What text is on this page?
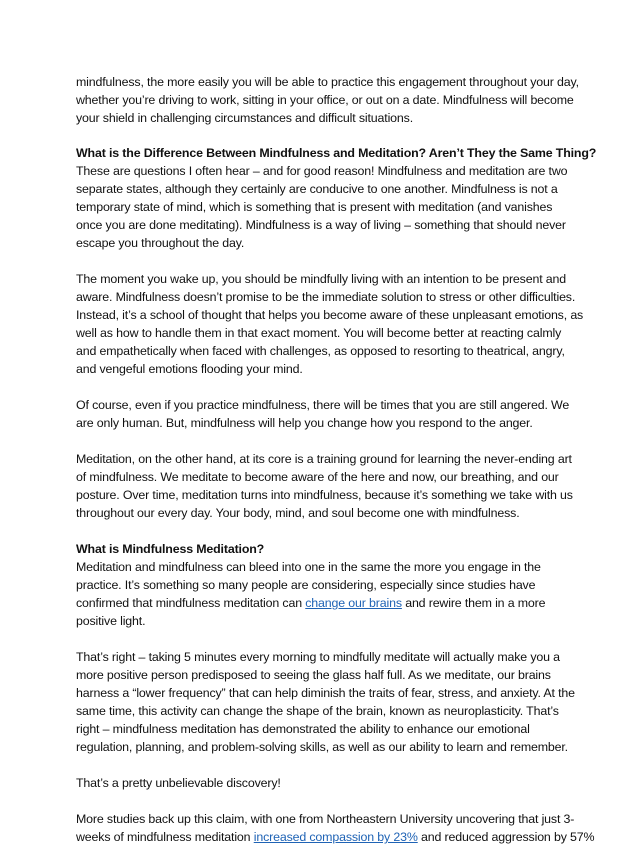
mindfulness, the more easily you will be able to practice this engagement throughout your day,
whether you’re driving to work, sitting in your office, or out on a date. Mindfulness will become
your shield in challenging circumstances and difficult situations.

What is the Difference Between Mindfulness and Meditation? Aren’t They the Same Thing?
These are questions I often hear – and for good reason! Mindfulness and meditation are two
separate states, although they certainly are conducive to one another. Mindfulness is not a
temporary state of mind, which is something that is present with meditation (and vanishes
once you are done meditating). Mindfulness is a way of living – something that should never
escape you throughout the day.

The moment you wake up, you should be mindfully living with an intention to be present and
aware. Mindfulness doesn’t promise to be the immediate solution to stress or other difficulties.
Instead, it’s a school of thought that helps you become aware of these unpleasant emotions, as
well as how to handle them in that exact moment. You will become better at reacting calmly
and empathetically when faced with challenges, as opposed to resorting to theatrical, angry,
and vengeful emotions flooding your mind.

Of course, even if you practice mindfulness, there will be times that you are still angered. We
are only human. But, mindfulness will help you change how you respond to the anger.

Meditation, on the other hand, at its core is a training ground for learning the never-ending art
of mindfulness. We meditate to become aware of the here and now, our breathing, and our
posture. Over time, meditation turns into mindfulness, because it’s something we take with us
throughout our every day. Your body, mind, and soul become one with mindfulness.

What is Mindfulness Meditation?
Meditation and mindfulness can bleed into one in the same the more you engage in the
practice. It’s something so many people are considering, especially since studies have
confirmed that mindfulness meditation can change our brains and rewire them in a more
positive light.

That’s right – taking 5 minutes every morning to mindfully meditate will actually make you a
more positive person predisposed to seeing the glass half full. As we meditate, our brains
harness a “lower frequency” that can help diminish the traits of fear, stress, and anxiety. At the
same time, this activity can change the shape of the brain, known as neuroplasticity. That’s
right – mindfulness meditation has demonstrated the ability to enhance our emotional
regulation, planning, and problem-solving skills, as well as our ability to learn and remember.

That’s a pretty unbelievable discovery!

More studies back up this claim, with one from Northeastern University uncovering that just 3-
weeks of mindfulness meditation increased compassion by 23% and reduced aggression by 57%
